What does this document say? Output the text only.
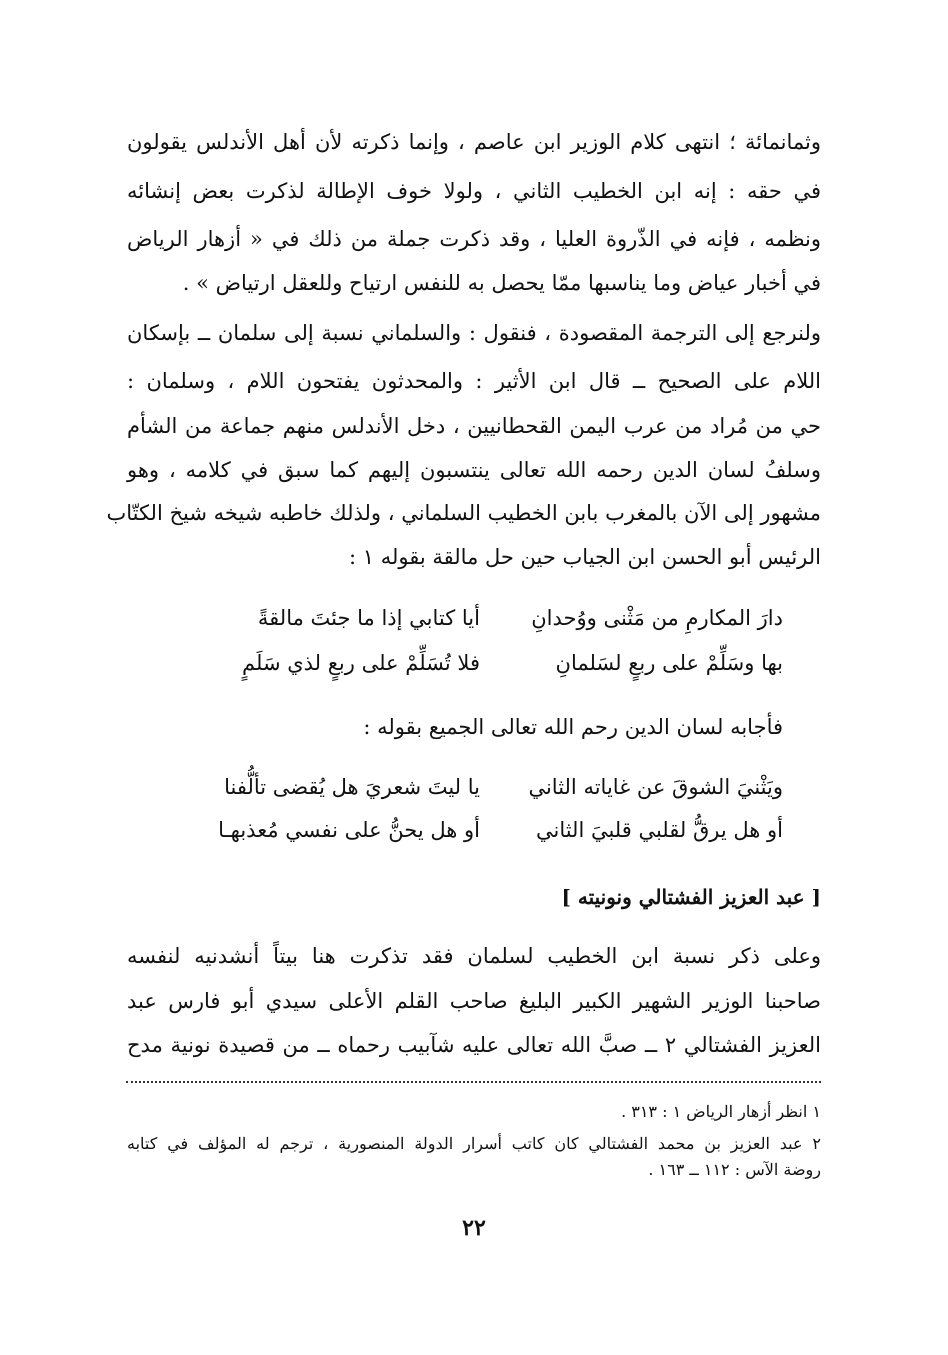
وثمانمائة ؛ انتهى كلام الوزير ابن عاصم ، وإنما ذكرته لأن أهل الأندلس يقولون
في حقه : إنه ابن الخطيب الثاني ، ولولا خوف الإطالة لذكرت بعض إنشائه
ونظمه ، فإنه في الذّروة العليا ، وقد ذكرت جملة من ذلك في « أزهار الرياض
في أخبار عياض وما يناسبها ممّا يحصل به للنفس ارتياح وللعقل ارتياض » .
ولنرجع إلى الترجمة المقصودة ، فنقول : والسلماني نسبة إلى سلمان ــ بإسكان
اللام على الصحيح ــ قال ابن الأثير : والمحدثون يفتحون اللام ، وسلمان :
حي من مُراد من عرب اليمن القحطانيين ، دخل الأندلس منهم جماعة من الشأم
وسلفُ لسان الدين رحمه الله تعالى ينتسبون إليهم كما سبق في كلامه ، وهو
مشهور إلى الآن بالمغرب بابن الخطيب السلماني ، ولذلك خاطبه شيخه شيخ الكتّاب
الرئيس أبو الحسن ابن الجياب حين حل مالقة بقوله ١ :
أيا كتابي إذا ما جئتَ مالقةً	دارَ المكارمِ من مَثْنى ووُحدانِ
فلا تُسَلِّمْ على ربعٍ لذي سَلَمٍ	بها وسَلِّمْ على ربعٍ لسَلمانِ
فأجابه لسان الدين رحم الله تعالى الجميع بقوله :
يا ليتَ شعريَ هل يُقضى تألُّفنا	ويَثْنيَ الشوقَ عن غاياته الثاني
أو هل يحنُّ على نفسي مُعذبهـا	أو هل يرقُّ لقلبي قلبيَ الثاني
[ عبد العزيز الفشتالي ونونيته ]
وعلى ذكر نسبة ابن الخطيب لسلمان فقد تذكرت هنا بيتاً أنشدنيه لنفسه
صاحبنا الوزير الشهير الكبير البليغ صاحب القلم الأعلى سيدي أبو فارس عبد
العزيز الفشتالي ٢ ــ صبَّ الله تعالى عليه شآبيب رحماه ــ من قصيدة نونية مدح
١ انظر أزهار الرياض ١ : ٣١٣ .
٢ عبد العزيز بن محمد الفشتالي كان كاتب أسرار الدولة المنصورية ، ترجم له المؤلف في كتابه
روضة الآس : ١١٢ ــ ١٦٣ .
٢٢
